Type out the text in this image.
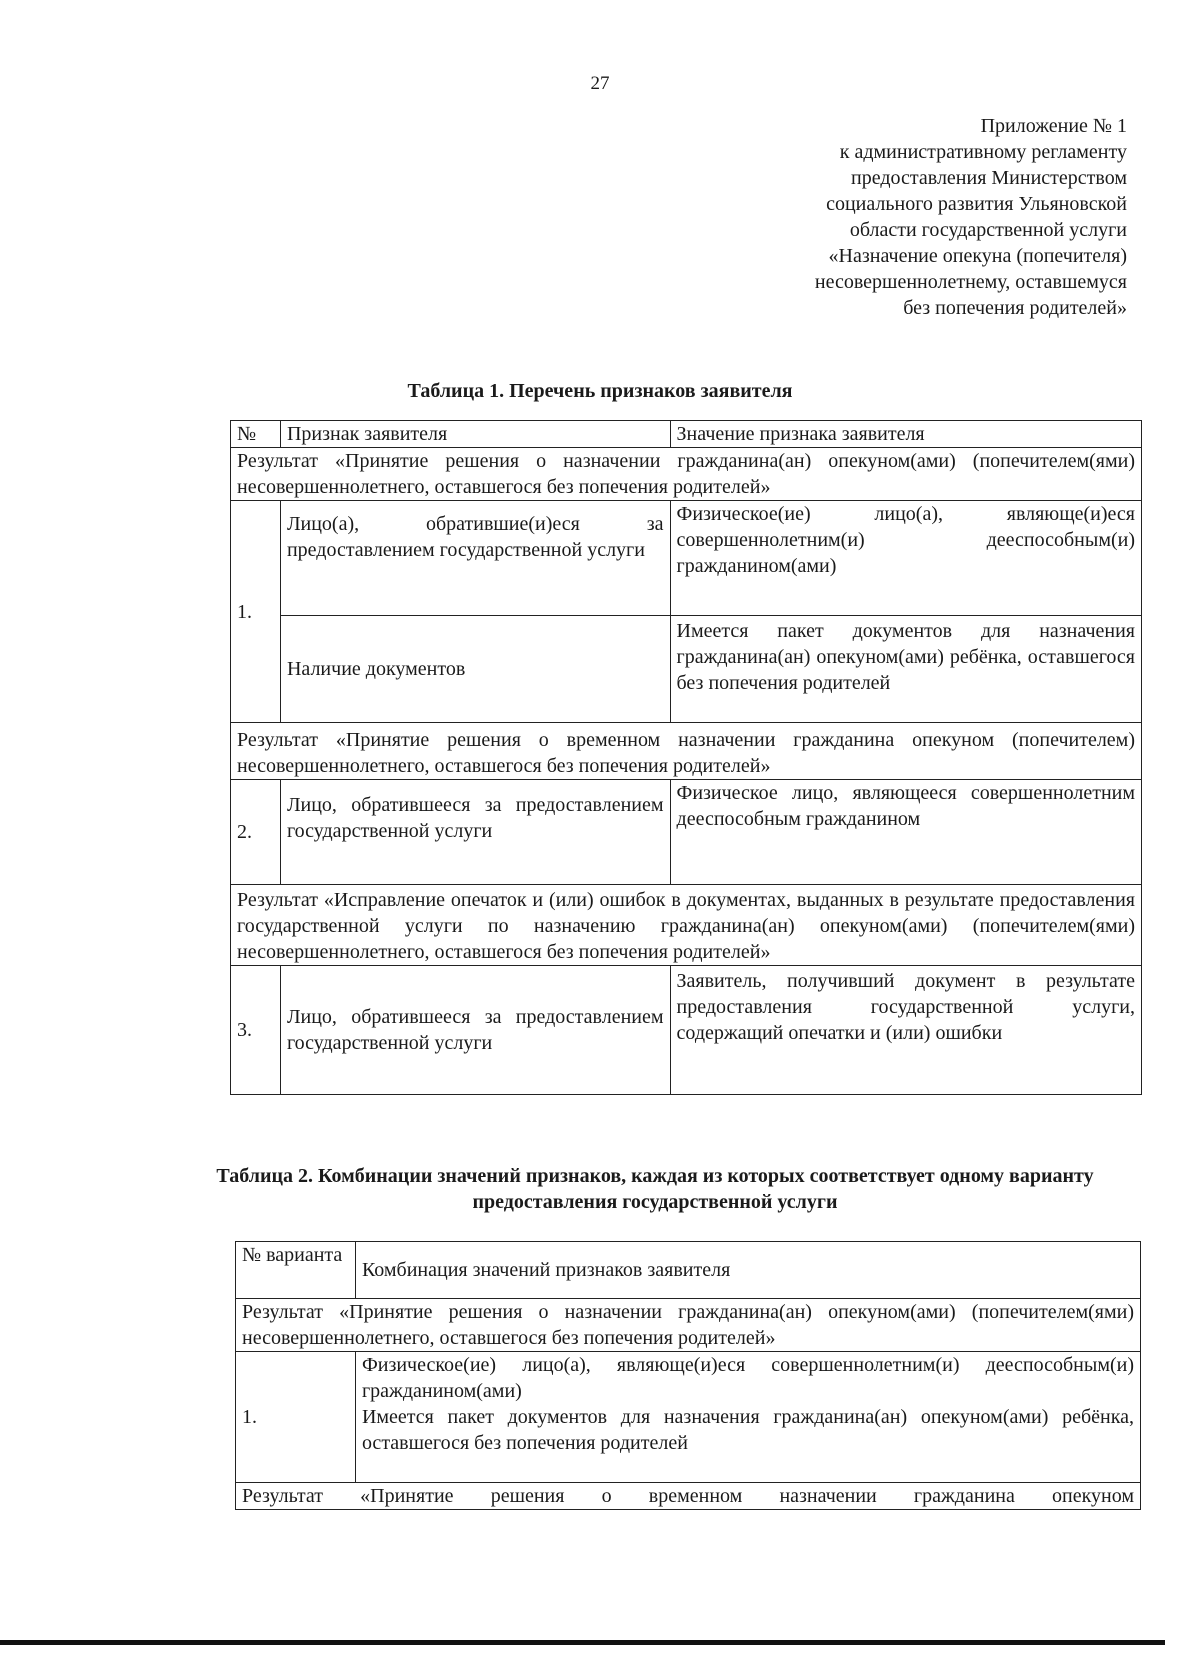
27
Приложение № 1
к административному регламенту
предоставления Министерством
социального развития Ульяновской
области государственной услуги
«Назначение опекуна (попечителя)
несовершеннолетнему, оставшемуся
без попечения родителей»
Таблица 1. Перечень признаков заявителя
№	Признак заявителя	Значение признака заявителя
Результат «Принятие решения о назначении гражданина(ан) опекуном(ами) (попечителем(ями) несовершеннолетнего, оставшегося без попечения родителей»		
1.	Лицо(а), обратившие(и)еся за предоставлением государственной услуги	Физическое(ие) лицо(а), являюще(и)еся совершеннолетним(и) дееспособным(и) гражданином(ами)
	Наличие документов	Имеется пакет документов для назначения гражданина(ан) опекуном(ами) ребёнка, оставшегося без попечения родителей
Результат «Принятие решения о временном назначении гражданина опекуном (попечителем) несовершеннолетнего, оставшегося без попечения родителей»		
2.	Лицо, обратившееся за предоставлением государственной услуги	Физическое лицо, являющееся совершеннолетним дееспособным гражданином
Результат «Исправление опечаток и (или) ошибок в документах, выданных в результате предоставления государственной услуги по назначению гражданина(ан) опекуном(ами) (попечителем(ями) несовершеннолетнего, оставшегося без попечения родителей»		
3.	Лицо, обратившееся за предоставлением государственной услуги	Заявитель, получивший документ в результате предоставления государственной услуги, содержащий опечатки и (или) ошибки
Таблица 2. Комбинации значений признаков, каждая из которых соответствует одному варианту предоставления государственной услуги
№ варианта	Комбинация значений признаков заявителя
Результат «Принятие решения о назначении гражданина(ан) опекуном(ами) (попечителем(ями) несовершеннолетнего, оставшегося без попечения родителей»	
1.	Физическое(ие) лицо(а), являюще(и)еся совершеннолетним(и) дееспособным(и) гражданином(ами)
Имеется пакет документов для назначения гражданина(ан) опекуном(ами) ребёнка, оставшегося без попечения родителей

Результат «Принятие решения о временном назначении гражданина опекуном	
